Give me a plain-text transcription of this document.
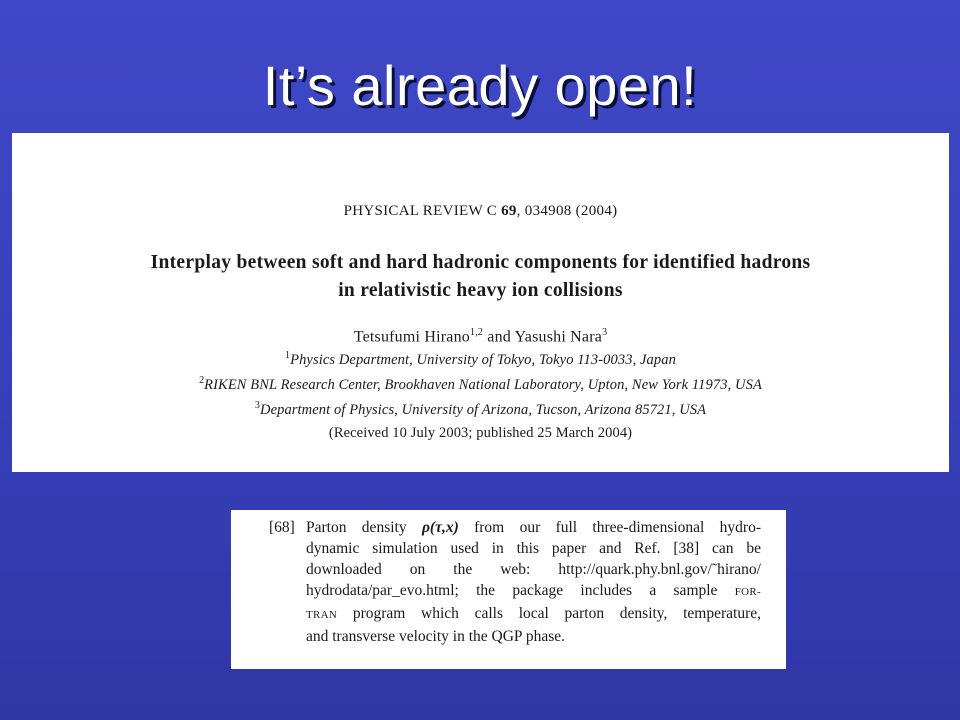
It’s already open!
PHYSICAL REVIEW C 69, 034908 (2004)
Interplay between soft and hard hadronic components for identified hadrons
in relativistic heavy ion collisions
Tetsufumi Hirano$^{1,2}$ and Yasushi Nara$^3$
$^1$Physics Department, University of Tokyo, Tokyo 113-0033, Japan
$^2$RIKEN BNL Research Center, Brookhaven National Laboratory, Upton, New York 11973, USA
$^3$Department of Physics, University of Arizona, Tucson, Arizona 85721, USA
(Received 10 July 2003; published 25 March 2004)
[68] Parton density ρ(τ,x) from our full three-dimensional hydro-
dynamic simulation used in this paper and Ref. [38] can be
downloaded on the web: http://quark.phy.bnl.gov/˜hirano/
hydrodata/par_evo.html; the package includes a sample FOR-
TRAN program which calls local parton density, temperature,
and transverse velocity in the QGP phase.
